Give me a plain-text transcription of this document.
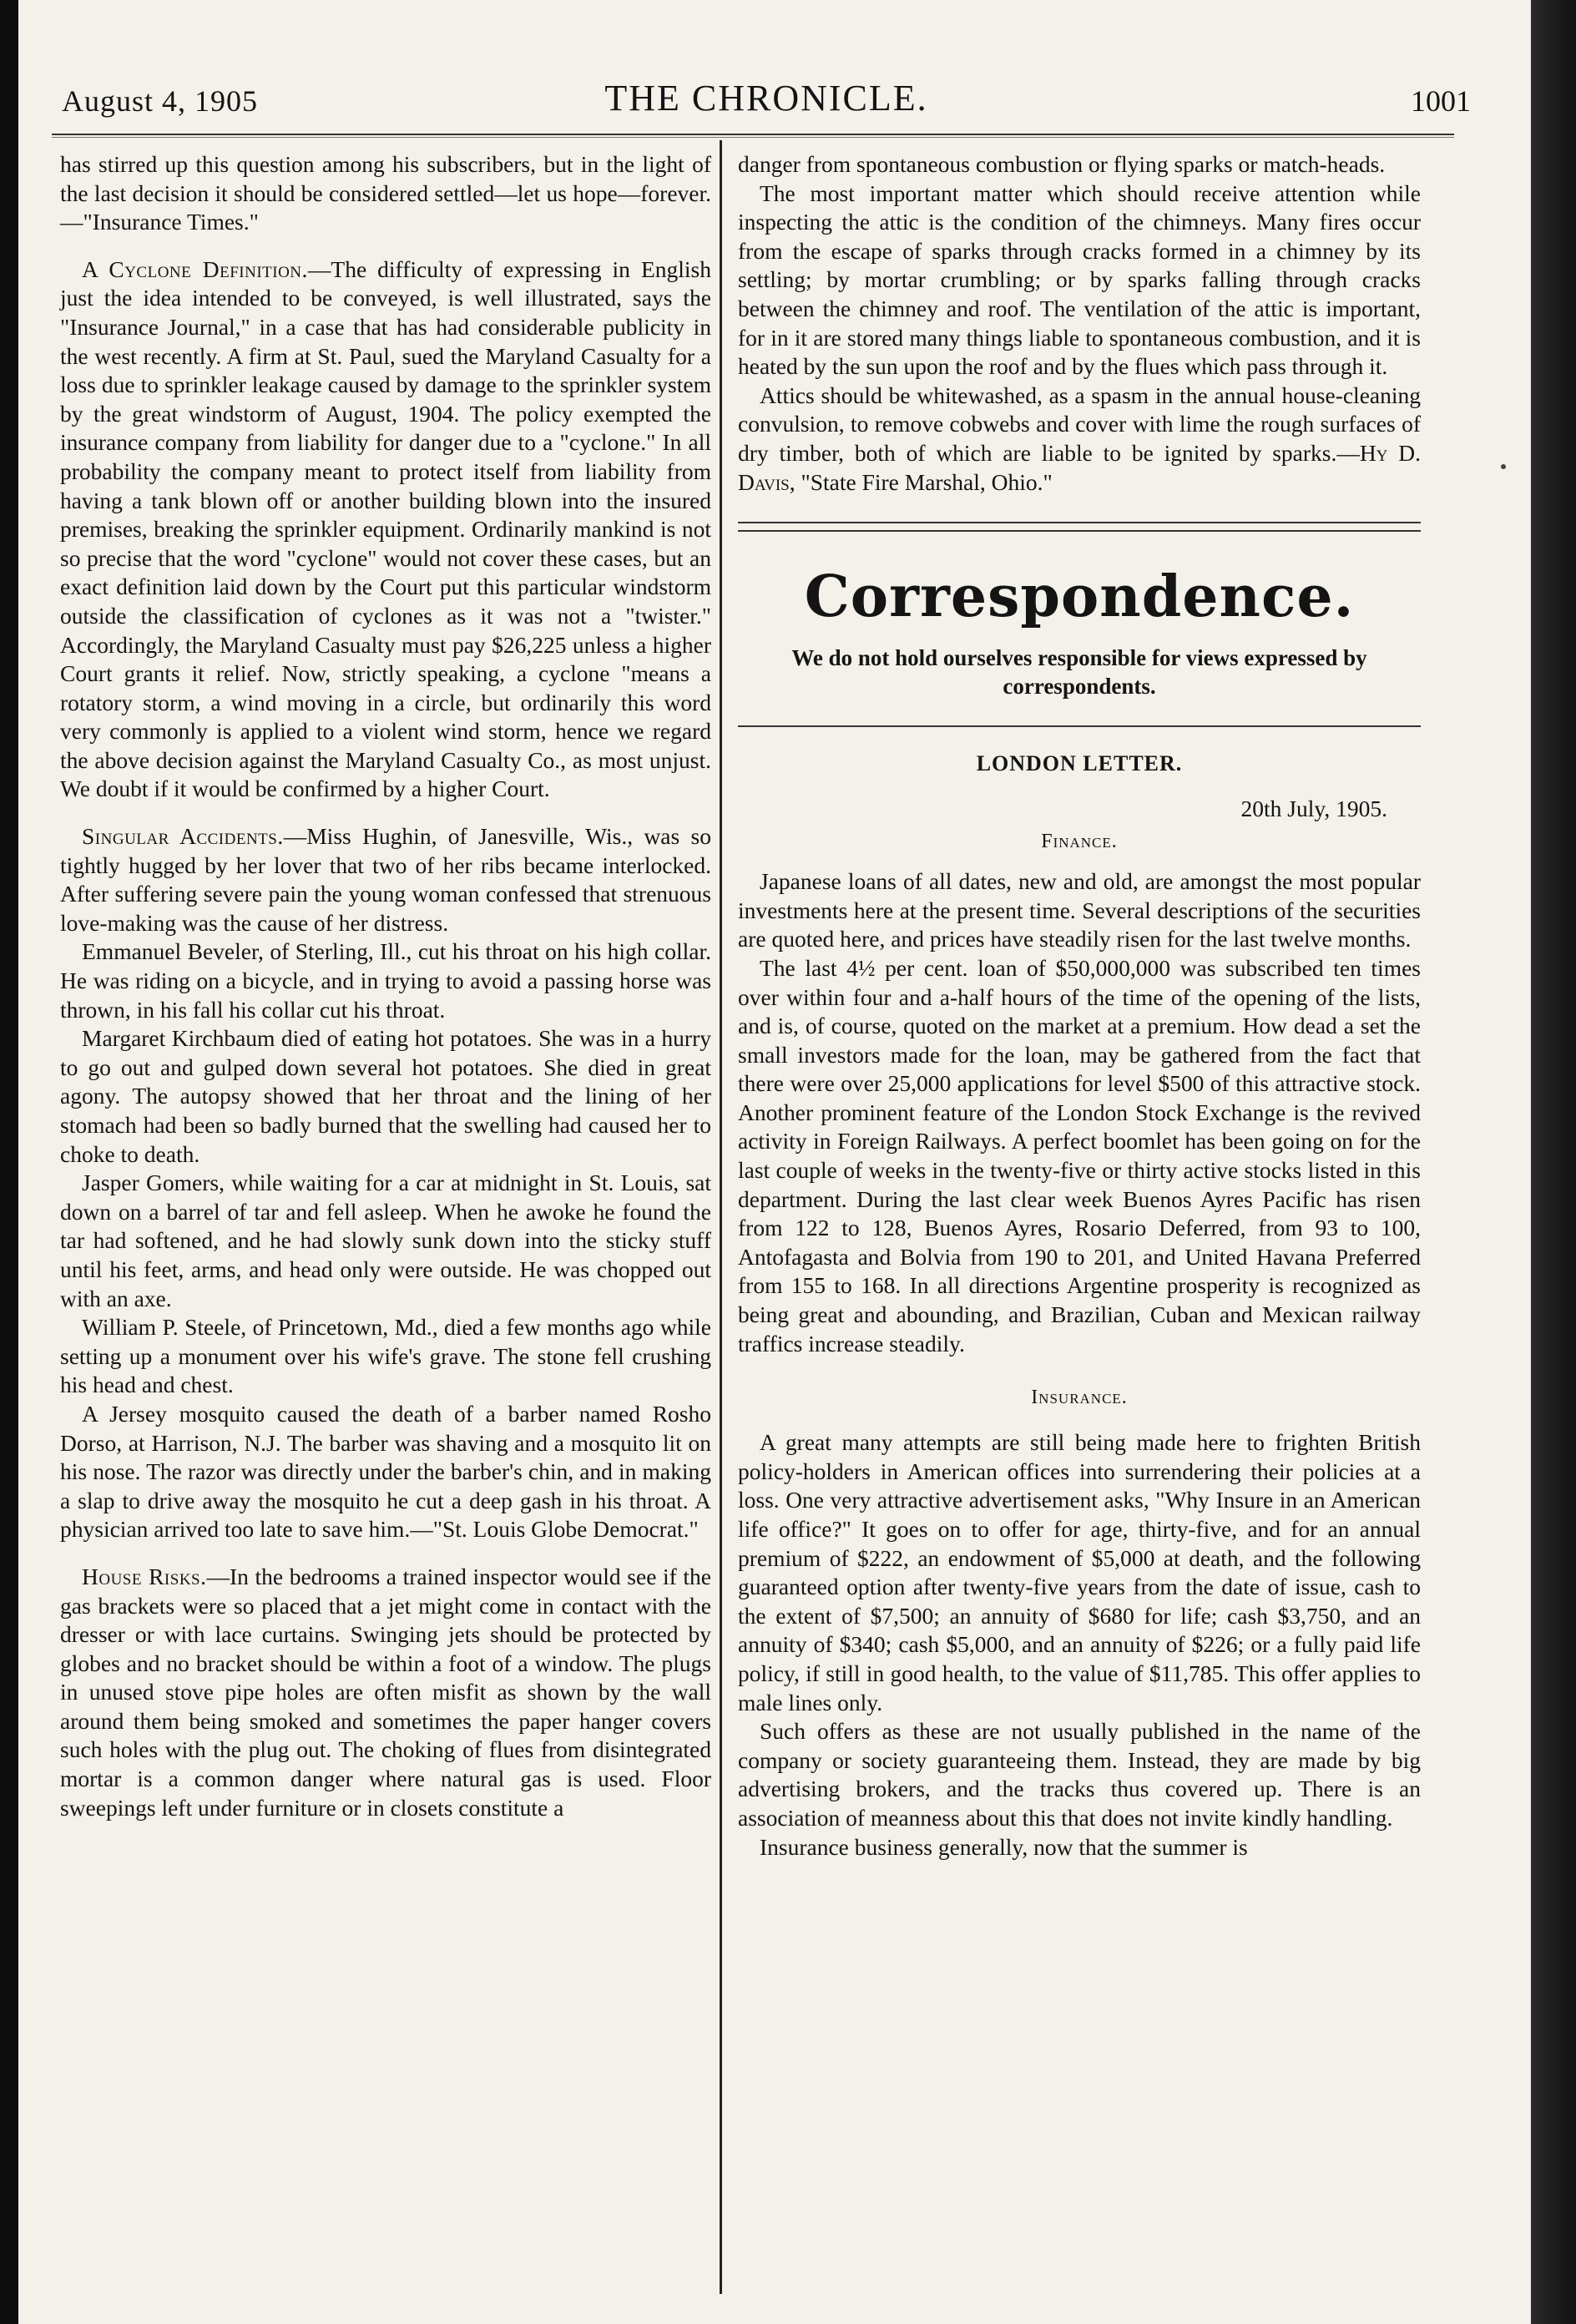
August 4, 1905	THE CHRONICLE.	1001

has stirred up this question among his subscribers, but in the light of the last decision it should be considered settled—let us hope—forever.—"Insurance Times."

A Cyclone Definition.—The difficulty of expressing in English just the idea intended to be conveyed, is well illustrated, says the "Insurance Journal," in a case that has had considerable publicity in the west recently. A firm at St. Paul, sued the Maryland Casualty for a loss due to sprinkler leakage caused by damage to the sprinkler system by the great windstorm of August, 1904. The policy exempted the insurance company from liability for danger due to a "cyclone." In all probability the company meant to protect itself from liability from having a tank blown off or another building blown into the insured premises, breaking the sprinkler equipment. Ordinarily mankind is not so precise that the word "cyclone" would not cover these cases, but an exact definition laid down by the Court put this particular windstorm outside the classification of cyclones as it was not a "twister." Accordingly, the Maryland Casualty must pay $26,225 unless a higher Court grants it relief. Now, strictly speaking, a cyclone "means a rotatory storm, a wind moving in a circle, but ordinarily this word very commonly is applied to a violent wind storm, hence we regard the above decision against the Maryland Casualty Co., as most unjust. We doubt if it would be confirmed by a higher Court.

Singular Accidents.—Miss Hughin, of Janesville, Wis., was so tightly hugged by her lover that two of her ribs became interlocked. After suffering severe pain the young woman confessed that strenuous love-making was the cause of her distress.

Emmanuel Beveler, of Sterling, Ill., cut his throat on his high collar. He was riding on a bicycle, and in trying to avoid a passing horse was thrown, in his fall his collar cut his throat.

Margaret Kirchbaum died of eating hot potatoes. She was in a hurry to go out and gulped down several hot potatoes. She died in great agony. The autopsy showed that her throat and the lining of her stomach had been so badly burned that the swelling had caused her to choke to death.

Jasper Gomers, while waiting for a car at midnight in St. Louis, sat down on a barrel of tar and fell asleep. When he awoke he found the tar had softened, and he had slowly sunk down into the sticky stuff until his feet, arms, and head only were outside. He was chopped out with an axe.

William P. Steele, of Princetown, Md., died a few months ago while setting up a monument over his wife's grave. The stone fell crushing his head and chest.

A Jersey mosquito caused the death of a barber named Rosho Dorso, at Harrison, N.J. The barber was shaving and a mosquito lit on his nose. The razor was directly under the barber's chin, and in making a slap to drive away the mosquito he cut a deep gash in his throat. A physician arrived too late to save him.—"St. Louis Globe Democrat."

House Risks.—In the bedrooms a trained inspector would see if the gas brackets were so placed that a jet might come in contact with the dresser or with lace curtains. Swinging jets should be protected by globes and no bracket should be within a foot of a window. The plugs in unused stove pipe holes are often misfit as shown by the wall around them being smoked and sometimes the paper hanger covers such holes with the plug out. The choking of flues from disintegrated mortar is a common danger where natural gas is used. Floor sweepings left under furniture or in closets constitute a

danger from spontaneous combustion or flying sparks or match-heads.

The most important matter which should receive attention while inspecting the attic is the condition of the chimneys. Many fires occur from the escape of sparks through cracks formed in a chimney by its settling; by mortar crumbling; or by sparks falling through cracks between the chimney and roof. The ventilation of the attic is important, for in it are stored many things liable to spontaneous combustion, and it is heated by the sun upon the roof and by the flues which pass through it.

Attics should be whitewashed, as a spasm in the annual house-cleaning convulsion, to remove cobwebs and cover with lime the rough surfaces of dry timber, both of which are liable to be ignited by sparks.—Hy D. Davis, "State Fire Marshal, Ohio."

Correspondence.
We do not hold ourselves responsible for views expressed by correspondents.
LONDON LETTER.
20th July, 1905.
Finance.

Japanese loans of all dates, new and old, are amongst the most popular investments here at the present time. Several descriptions of the securities are quoted here, and prices have steadily risen for the last twelve months.

The last 4½ per cent. loan of $50,000,000 was subscribed ten times over within four and a-half hours of the time of the opening of the lists, and is, of course, quoted on the market at a premium. How dead a set the small investors made for the loan, may be gathered from the fact that there were over 25,000 applications for level $500 of this attractive stock. Another prominent feature of the London Stock Exchange is the revived activity in Foreign Railways. A perfect boomlet has been going on for the last couple of weeks in the twenty-five or thirty active stocks listed in this department. During the last clear week Buenos Ayres Pacific has risen from 122 to 128, Buenos Ayres, Rosario Deferred, from 93 to 100, Antofagasta and Bolvia from 190 to 201, and United Havana Preferred from 155 to 168. In all directions Argentine prosperity is recognized as being great and abounding, and Brazilian, Cuban and Mexican railway traffics increase steadily.

Insurance.

A great many attempts are still being made here to frighten British policy-holders in American offices into surrendering their policies at a loss. One very attractive advertisement asks, "Why Insure in an American life office?" It goes on to offer for age, thirty-five, and for an annual premium of $222, an endowment of $5,000 at death, and the following guaranteed option after twenty-five years from the date of issue, cash to the extent of $7,500; an annuity of $680 for life; cash $3,750, and an annuity of $340; cash $5,000, and an annuity of $226; or a fully paid life policy, if still in good health, to the value of $11,785. This offer applies to male lines only.

Such offers as these are not usually published in the name of the company or society guaranteeing them. Instead, they are made by big advertising brokers, and the tracks thus covered up. There is an association of meanness about this that does not invite kindly handling.

Insurance business generally, now that the summer is
